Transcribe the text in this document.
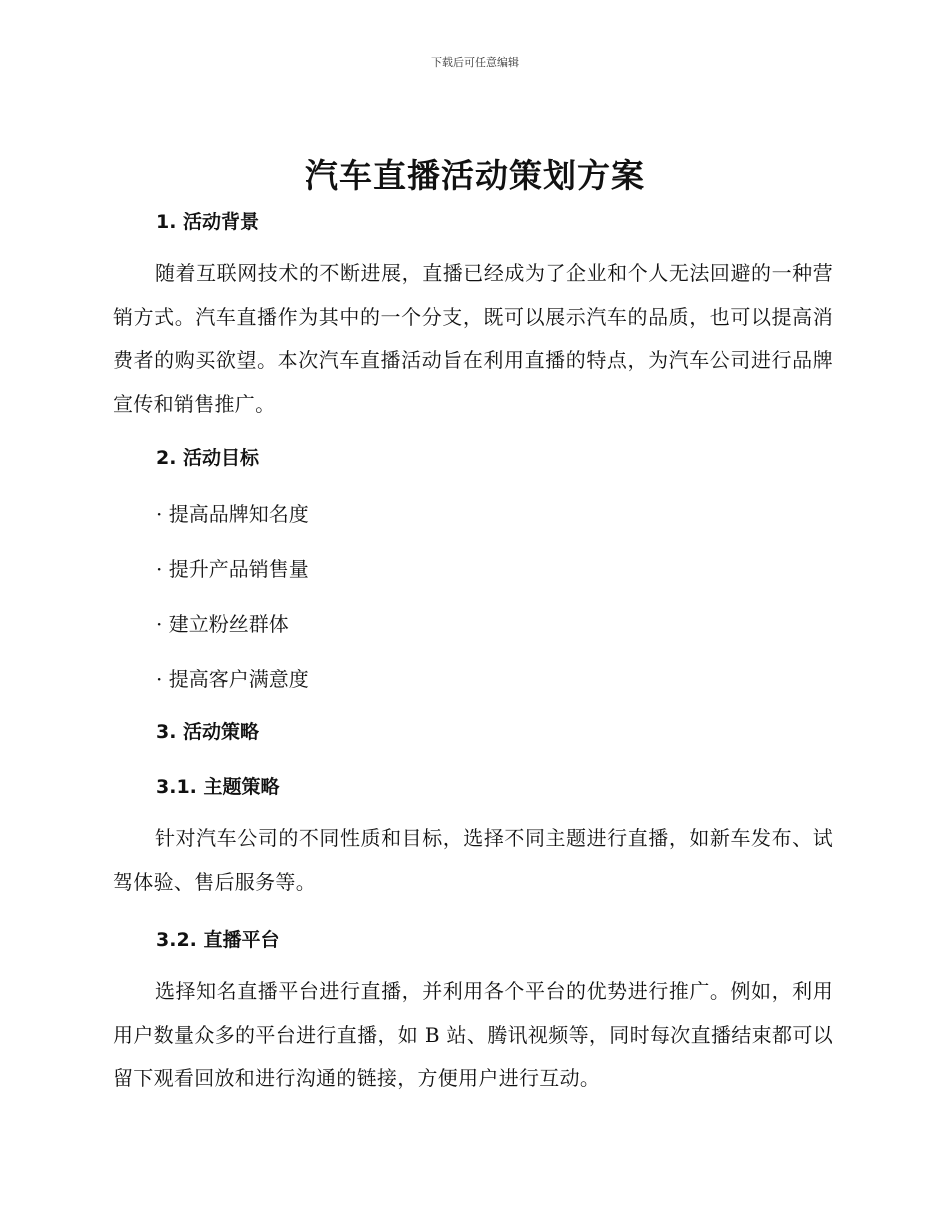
下载后可任意编辑
汽车直播活动策划方案
1. 活动背景

随着互联网技术的不断进展，直播已经成为了企业和个人无法回避的一种营销方式。汽车直播作为其中的一个分支，既可以展示汽车的品质，也可以提高消费者的购买欲望。本次汽车直播活动旨在利用直播的特点，为汽车公司进行品牌宣传和销售推广。

2. 活动目标

· 提高品牌知名度

· 提升产品销售量

· 建立粉丝群体

· 提高客户满意度

3. 活动策略
3.1. 主题策略

针对汽车公司的不同性质和目标，选择不同主题进行直播，如新车发布、试驾体验、售后服务等。

3.2. 直播平台

选择知名直播平台进行直播，并利用各个平台的优势进行推广。例如，利用用户数量众多的平台进行直播，如 B 站、腾讯视频等，同时每次直播结束都可以留下观看回放和进行沟通的链接，方便用户进行互动。
